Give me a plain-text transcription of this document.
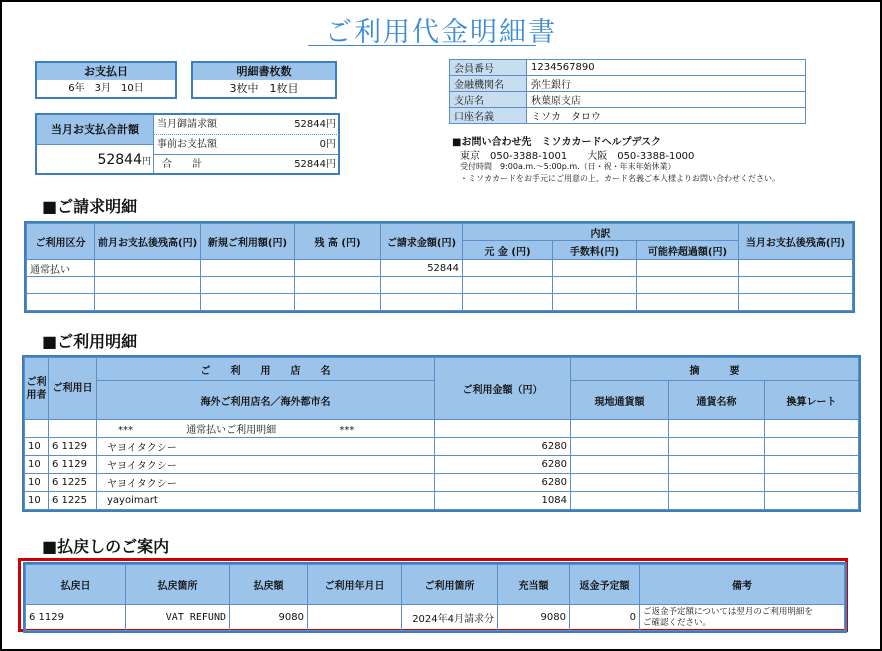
ご利用代金明細書
お支払日
6年　3月　10日
明細書枚数
3枚中　1枚目
会員番号	1234567890
金融機関名	弥生銀行
支店名	秋葉原支店
口座名義	ミソカ　タロウ
当月お支払合計額
52844円
当月御請求額	52844円
事前お支払額	0円
合　　計	52844円
■お問い合わせ先　ミソカカードヘルプデスク
東京　050-3388-1001　　大阪　050-3388-1000
受付時間　9:00a.m.～5:00p.m.（日・祝・年末年始休業）
・ミソカカードをお手元にご用意の上、カード名義ご本人様よりお問い合わせください。
■ご請求明細
ご利用区分	前月お支払後残高(円)	新規ご利用額(円)	残 高 (円)	ご請求金額(円)	内訳			当月お支払後残高(円)
					元 金 (円)	手数料(円)	可能枠超過額(円)	
通常払い				52844				

■ご利用明細
ご利用者	ご利用日	ご　　利　　用　　店　　名	ご利用金額（円）	摘　　　要		
		海外ご利用店名／海外都市名		現地通貨額	通貨名称	換算レート
		*** 通常払いご利用明細 ***				
10	6 1129	ヤヨイタクシー	6280			
10	6 1129	ヤヨイタクシー	6280			
10	6 1225	ヤヨイタクシー	6280			
10	6 1225	yayoimart	1084			
■払戻しのご案内
払戻日	払戻箇所	払戻額	ご利用年月日	ご利用箇所	充当額	返金予定額	備考
6 1129	VAT REFUND	9080		2024年4月請求分	9080	0	ご返金予定額については翌月のご利用明細を
ご確認ください。
